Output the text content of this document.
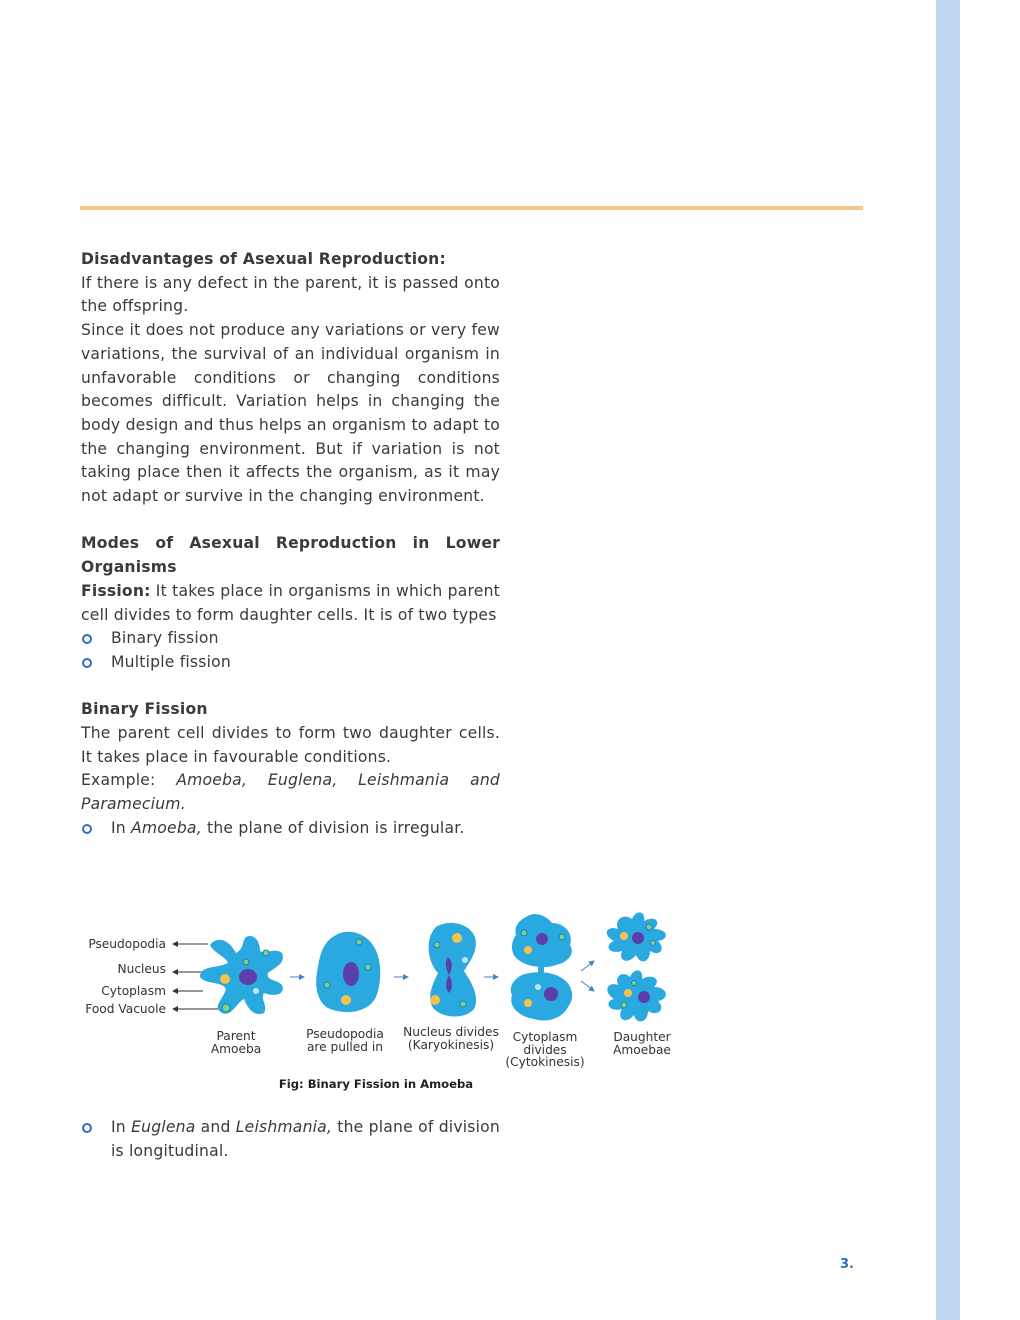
Disadvantages of Asexual Reproduction:

If there is any defect in the parent, it is passed onto the offspring.

Since it does not produce any variations or very few variations, the survival of an individual organism in unfavorable conditions or changing conditions becomes difficult. Variation helps in changing the body design and thus helps an organism to adapt to the changing environment. But if variation is not taking place then it affects the organism, as it may not adapt or survive in the changing environment.

Modes of Asexual Reproduction in Lower Organisms

Fission: It takes place in organisms in which parent cell divides to form daughter cells. It is of two types

Binary fission

Multiple fission

Binary Fission

The parent cell divides to form two daughter cells. It takes place in favourable conditions.

Example: Amoeba, Euglena, Leishmania and Paramecium.

In Amoeba, the plane of division is irregular.

Pseudopodia
Nucleus
Cytoplasm
Food Vacuole
Parent Amoeba
Pseudopodia are pulled in
Nucleus divides (Karyokinesis)
Cytoplasm divides (Cytokinesis)
Daughter Amoebae
Fig: Binary Fission in Amoeba

In Euglena and Leishmania, the plane of division is longitudinal.

3.
